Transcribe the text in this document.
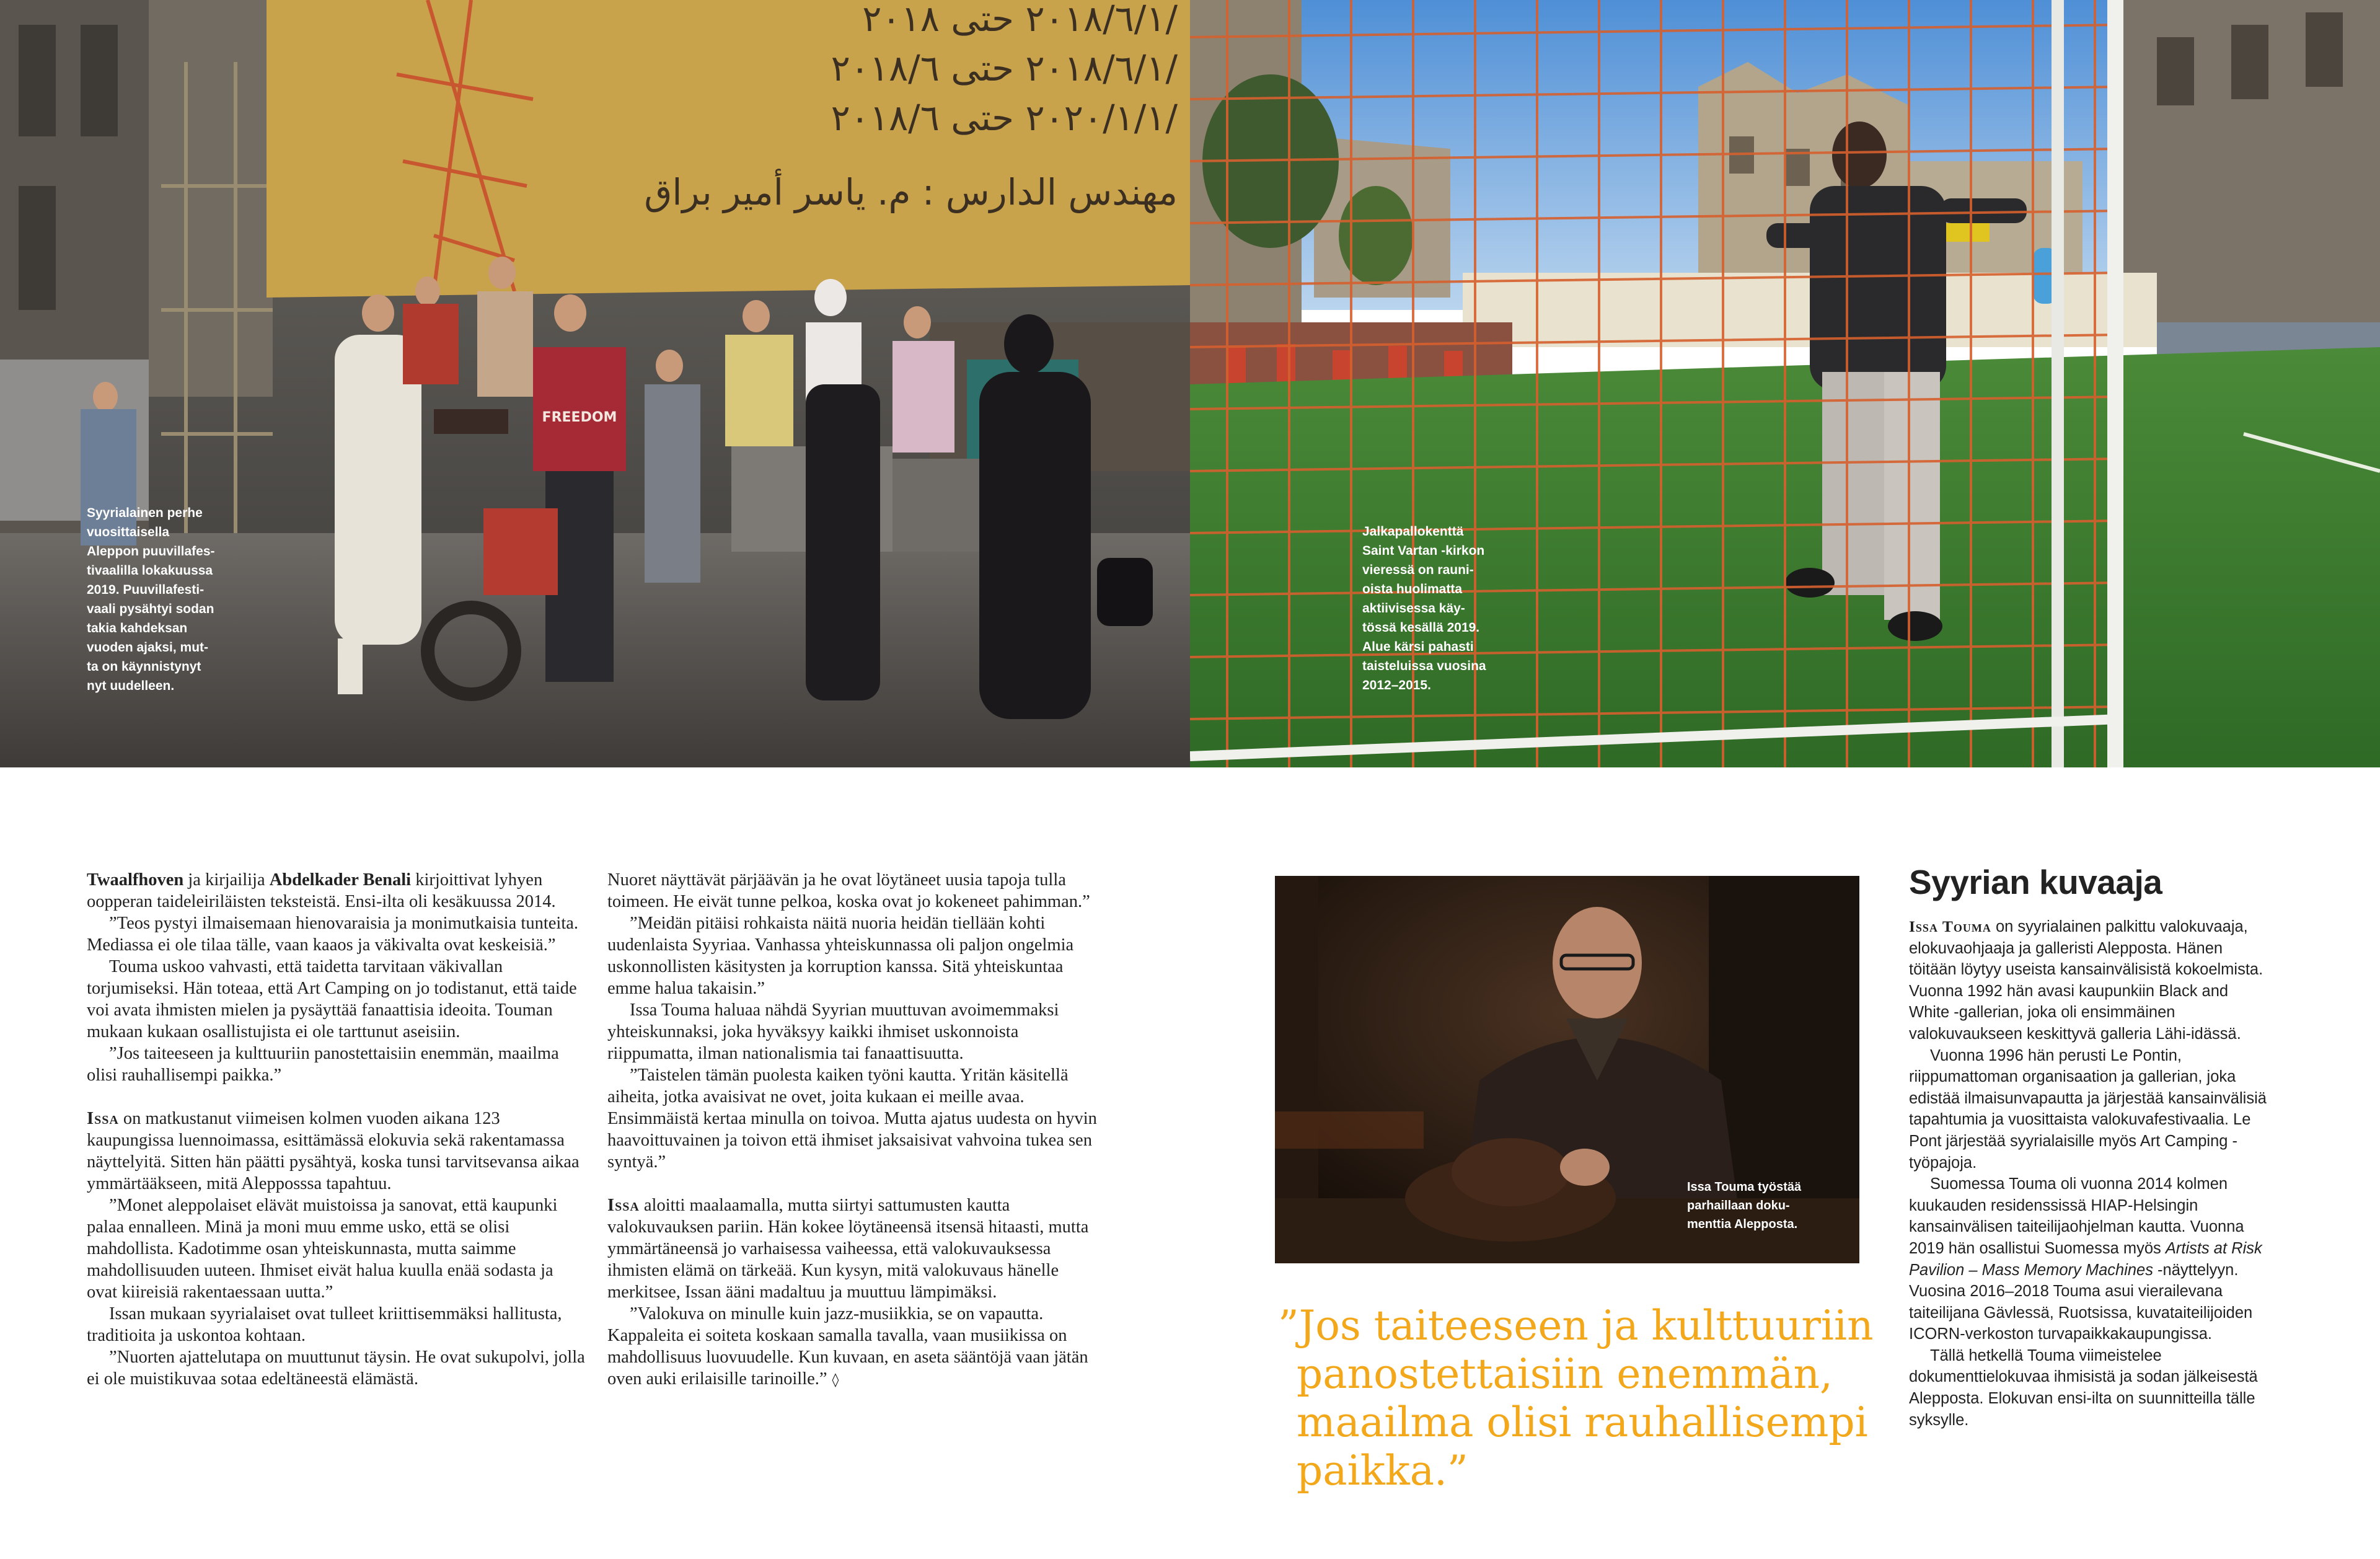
٢٠١٨/٦/١ حتى ٢٠١٨/
٢٠١٨/٦/١ حتى ٢٠١٨/٦/
٢٠٢٠/١/١ حتى ٢٠١٨/٦/
مهندس الدارس : م. ياسر أمير براق
FREEDOM
Syyrialainen perhe
vuosittaisella
Aleppon puuvillafes-
tivaalilla lokakuussa
2019. Puuvillafesti-
vaali pysähtyi sodan
takia kahdeksan
vuoden ajaksi, mut-
ta on käynnistynyt
nyt uudelleen.
Jalkapallokenttä
Saint Vartan -kirkon
vieressä on rauni-
oista huolimatta
aktiivisessa käy-
tössä kesällä 2019.
Alue kärsi pahasti
taisteluissa vuosina
2012–2015.

Twaalfhoven ja kirjailija Abdelkader Benali kirjoittivat lyhyen oopperan taideleiriläisten teksteistä. Ensi-ilta oli kesäkuussa 2014.

”Teos pystyi ilmaisemaan hienovaraisia ja monimutkaisia tunteita. Mediassa ei ole tilaa tälle, vaan kaaos ja väkivalta ovat keskeisiä.”

Touma uskoo vahvasti, että taidetta tarvitaan väkivallan torjumiseksi. Hän toteaa, että Art Camping on jo todistanut, että taide voi avata ihmisten mielen ja pysäyttää fanaattisia ideoita. Touman mukaan kukaan osallistujista ei ole tarttunut aseisiin.

”Jos taiteeseen ja kulttuuriin panostettaisiin enemmän, maailma olisi rauhallisempi paikka.”

Issa on matkustanut viimeisen kolmen vuoden aikana 123 kaupungissa luennoimassa, esittämässä elokuvia sekä rakentamassa näyttelyitä. Sitten hän päätti pysähtyä, koska tunsi tarvitsevansa aikaa ymmärtääkseen, mitä Alepposssa tapahtuu.

”Monet aleppolaiset elävät muistoissa ja sanovat, että kaupunki palaa ennalleen. Minä ja moni muu emme usko, että se olisi mahdollista. Kadotimme osan yhteiskunnasta, mutta saimme mahdollisuuden uuteen. Ihmiset eivät halua kuulla enää sodasta ja ovat kiireisiä rakentaessaan uutta.”

Issan mukaan syyrialaiset ovat tulleet kriittisemmäksi hallitusta, traditioita ja uskontoa kohtaan.

”Nuorten ajattelutapa on muuttunut täysin. He ovat sukupolvi, jolla ei ole muistikuvaa sotaa edeltäneestä elämästä.

Nuoret näyttävät pärjäävän ja he ovat löytäneet uusia tapoja tulla toimeen. He eivät tunne pelkoa, koska ovat jo kokeneet pahimman.”

”Meidän pitäisi rohkaista näitä nuoria heidän tiellään kohti uudenlaista Syyriaa. Vanhassa yhteiskunnassa oli paljon ongelmia uskonnollisten käsitysten ja korruption kanssa. Sitä yhteiskuntaa emme halua takaisin.”

Issa Touma haluaa nähdä Syyrian muuttuvan avoimemmaksi yhteiskunnaksi, joka hyväksyy kaikki ihmiset uskonnoista riippumatta, ilman nationalismia tai fanaattisuutta.

”Taistelen tämän puolesta kaiken työni kautta. Yritän käsitellä aiheita, jotka avaisivat ne ovet, joita kukaan ei meille avaa. Ensimmäistä kertaa minulla on toivoa. Mutta ajatus uudesta on hyvin haavoittuvainen ja toivon että ihmiset jaksaisivat vahvoina tukea sen syntyä.”

Issa aloitti maalaamalla, mutta siirtyi sattumusten kautta valokuvauksen pariin. Hän kokee löytäneensä itsensä hitaasti, mutta ymmärtäneensä jo varhaisessa vaiheessa, että valokuvauksessa ihmisten elämä on tärkeää. Kun kysyn, mitä valokuvaus hänelle merkitsee, Issan ääni madaltuu ja muuttuu lämpimäksi.

”Valokuva on minulle kuin jazz-musiikkia, se on vapautta. Kappaleita ei soiteta koskaan samalla tavalla, vaan musiikissa on mahdollisuus luovuudelle. Kun kuvaan, en aseta sääntöjä vaan jätän oven auki erilaisille tarinoille.” ◊

Issa Touma työstää
parhaillaan doku-
menttia Alepposta.
”Jos taiteeseen ja kulttuuriin panostettaisiin enemmän, maailma olisi rauhallisempi paikka.”
Syyrian kuvaaja

Issa Touma on syyrialainen palkittu valokuvaaja, elokuvaohjaaja ja galleristi Alepposta. Hänen töitään löytyy useista kansainvälisistä kokoelmista. Vuonna 1992 hän avasi kaupunkiin Black and White -gallerian, joka oli ensimmäinen valokuvaukseen keskittyvä galleria Lähi-idässä.

Vuonna 1996 hän perusti Le Pontin, riippumattoman organisaation ja gallerian, joka edistää ilmaisunvapautta ja järjestää kansainvälisiä tapahtumia ja vuosittaista valokuvafestivaalia. Le Pont järjestää syyrialaisille myös Art Camping -työpajoja.

Suomessa Touma oli vuonna 2014 kolmen kuukauden residenssissä HIAP-Helsingin kansainvälisen taiteilijaohjelman kautta. Vuonna 2019 hän osallistui Suomessa myös Artists at Risk Pavilion – Mass Memory Machines -näyttelyyn. Vuosina 2016–2018 Touma asui vierailevana taiteilijana Gävlessä, Ruotsissa, kuvataiteilijoiden ICORN-verkoston turvapaikkakaupungissa.

Tällä hetkellä Touma viimeistelee dokumenttielokuvaa ihmisistä ja sodan jälkeisestä Alepposta. Elokuvan ensi-ilta on suunnitteilla tälle syksylle.
